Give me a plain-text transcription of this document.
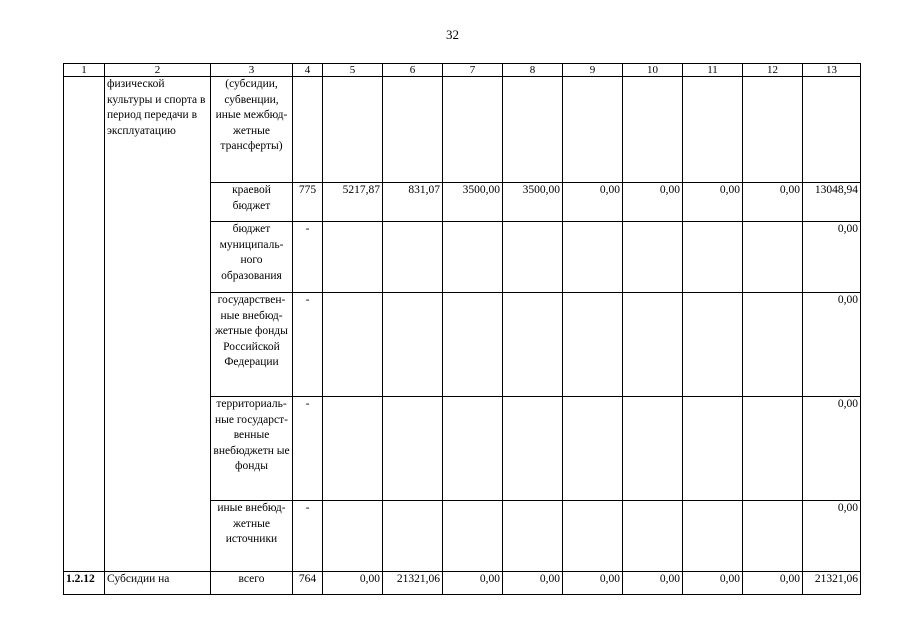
32
1	2	3	4	5	6	7	8	9	10	11	12	13
	физической культуры и спорта в период передачи в эксплуатацию	(субсидии, субвенции, иные межбюд-жетные трансферты)										
		краевой бюджет	775	5217,87	831,07	3500,00	3500,00	0,00	0,00	0,00	0,00	13048,94
		бюджет муниципаль-ного образования	-									0,00
		государствен-ные внебюд-жетные фонды Российской Федерации	-									0,00
		территориаль-ные государст-венные внебюджетн ые фонды	-									0,00
		иные внебюд-жетные источники	-									0,00
1.2.12	Субсидии на	всего	764	0,00	21321,06	0,00	0,00	0,00	0,00	0,00	0,00	21321,06
